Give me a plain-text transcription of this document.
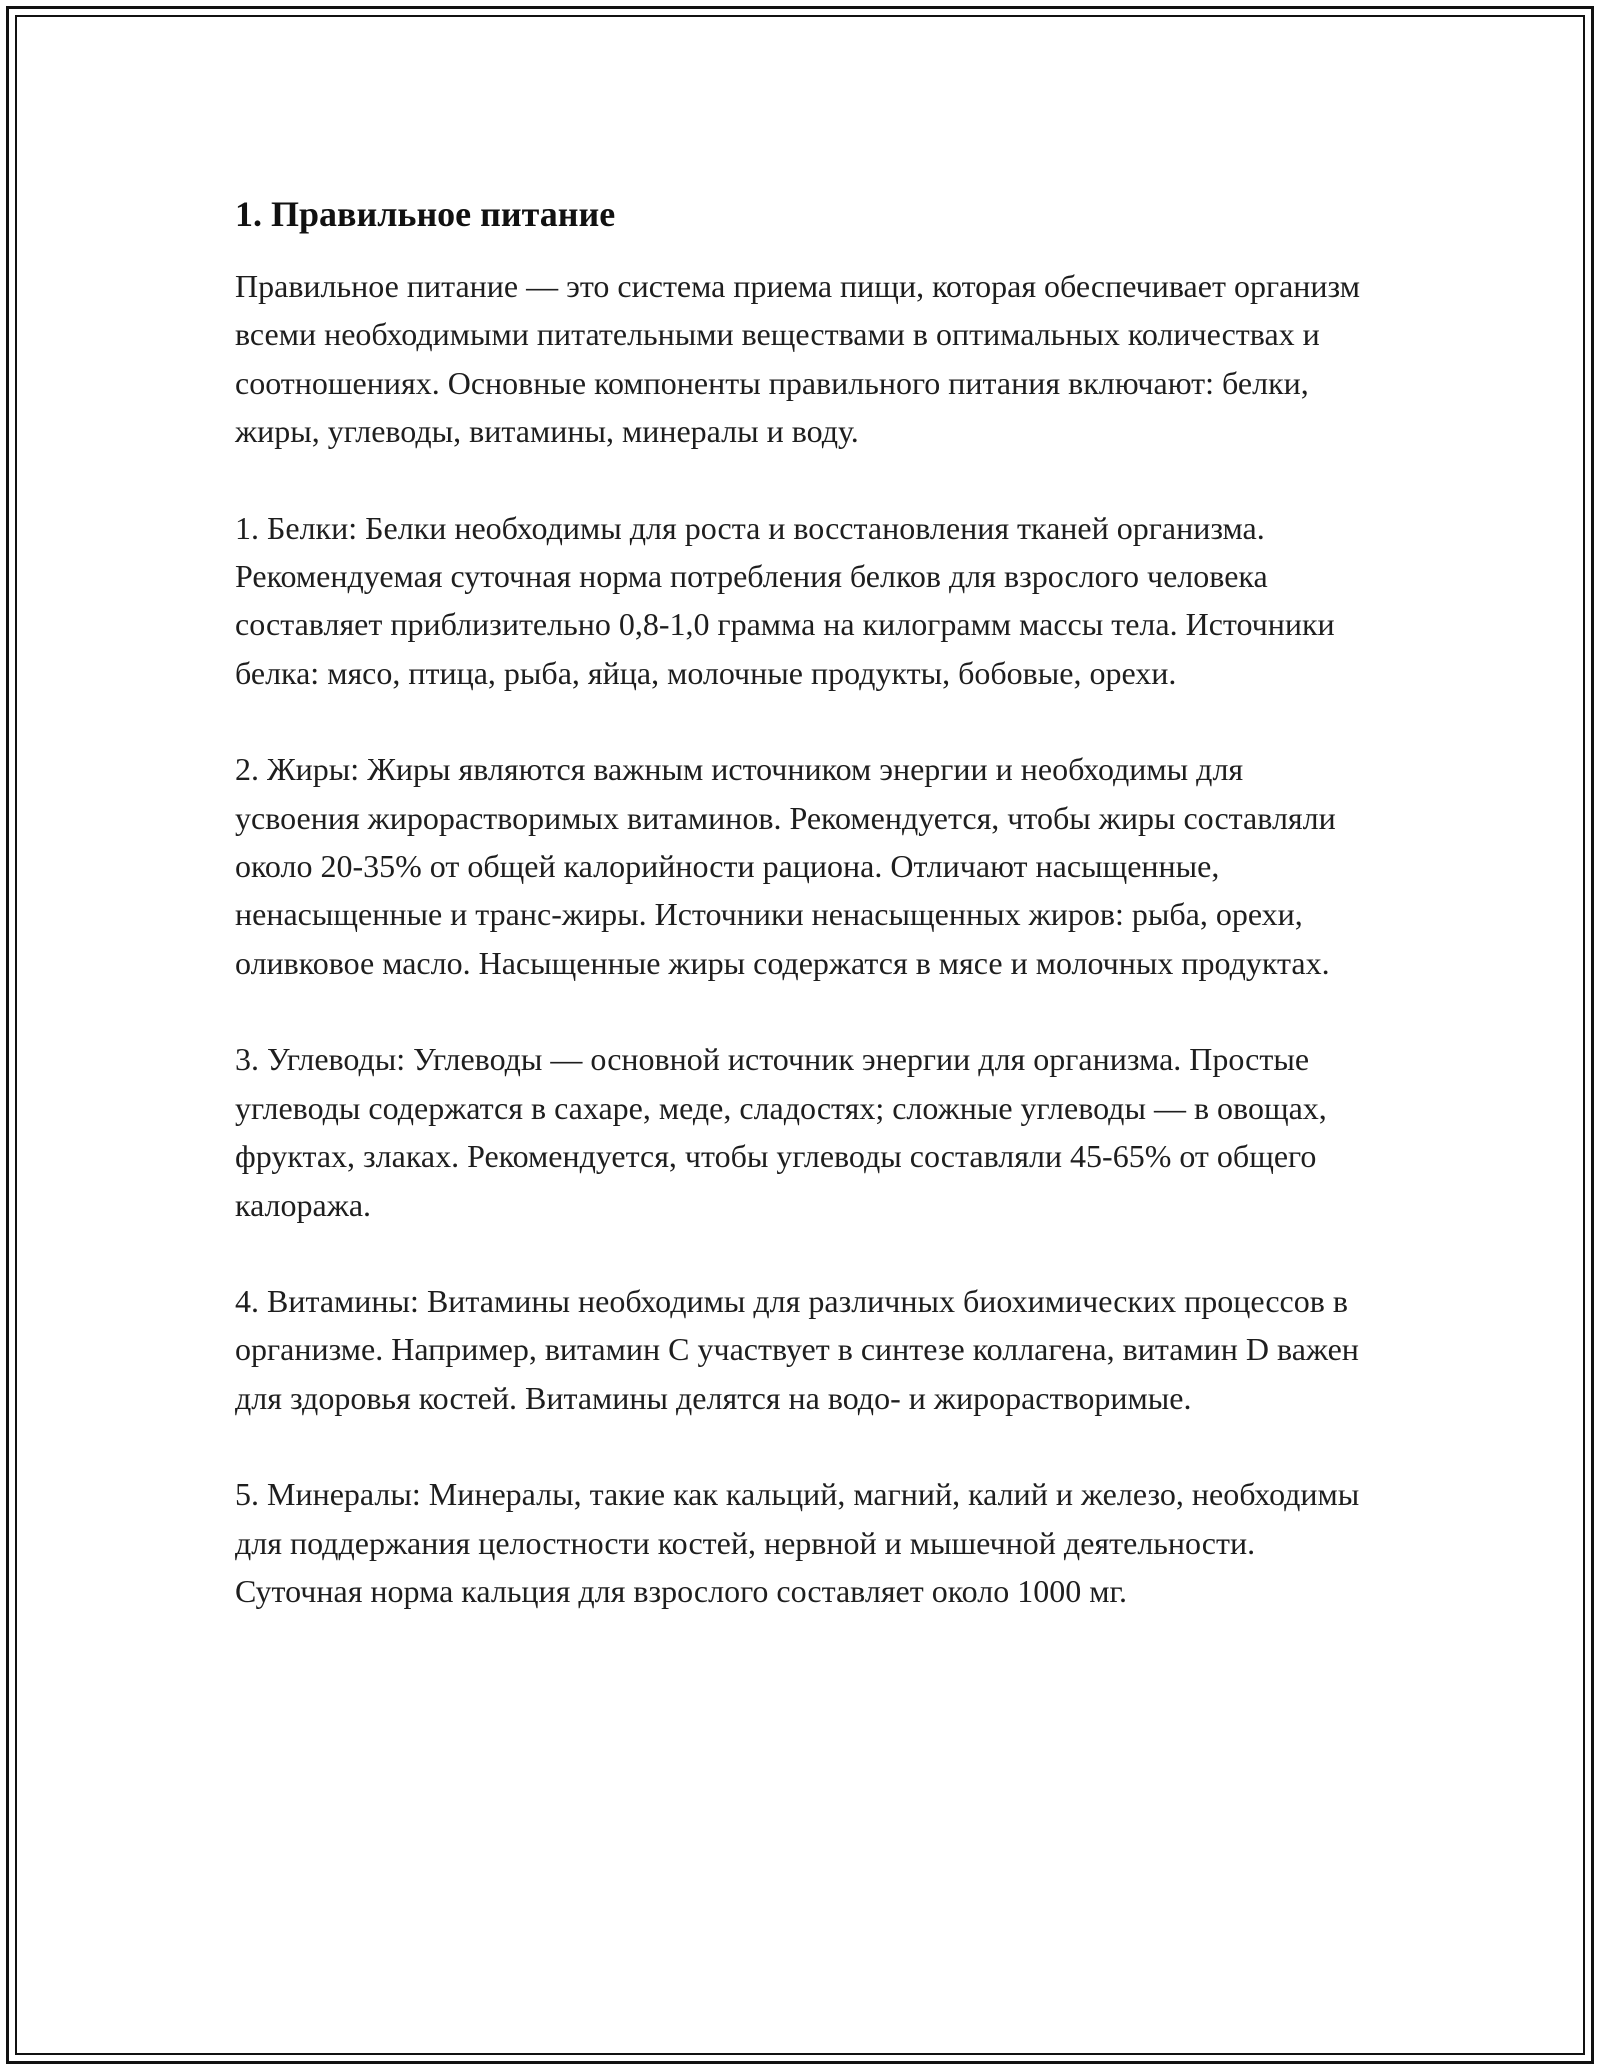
1. Правильное питание

Правильное питание — это система приема пищи, которая обеспечивает организм всеми необходимыми питательными веществами в оптимальных количествах и соотношениях. Основные компоненты правильного питания включают: белки, жиры, углеводы, витамины, минералы и воду.

1. Белки: Белки необходимы для роста и восстановления тканей организма. Рекомендуемая суточная норма потребления белков для взрослого человека составляет приблизительно 0,8-1,0 грамма на килограмм массы тела. Источники белка: мясо, птица, рыба, яйца, молочные продукты, бобовые, орехи.

2. Жиры: Жиры являются важным источником энергии и необходимы для усвоения жирорастворимых витаминов. Рекомендуется, чтобы жиры составляли около 20-35% от общей калорийности рациона. Отличают насыщенные, ненасыщенные и транс-жиры. Источники ненасыщенных жиров: рыба, орехи, оливковое масло. Насыщенные жиры содержатся в мясе и молочных продуктах.

3. Углеводы: Углеводы — основной источник энергии для организма. Простые углеводы содержатся в сахаре, меде, сладостях; сложные углеводы — в овощах, фруктах, злаках. Рекомендуется, чтобы углеводы составляли 45-65% от общего калоража.

4. Витамины: Витамины необходимы для различных биохимических процессов в организме. Например, витамин C участвует в синтезе коллагена, витамин D важен для здоровья костей. Витамины делятся на водо- и жирорастворимые.

5. Минералы: Минералы, такие как кальций, магний, калий и железо, необходимы для поддержания целостности костей, нервной и мышечной деятельности. Суточная норма кальция для взрослого составляет около 1000 мг.
